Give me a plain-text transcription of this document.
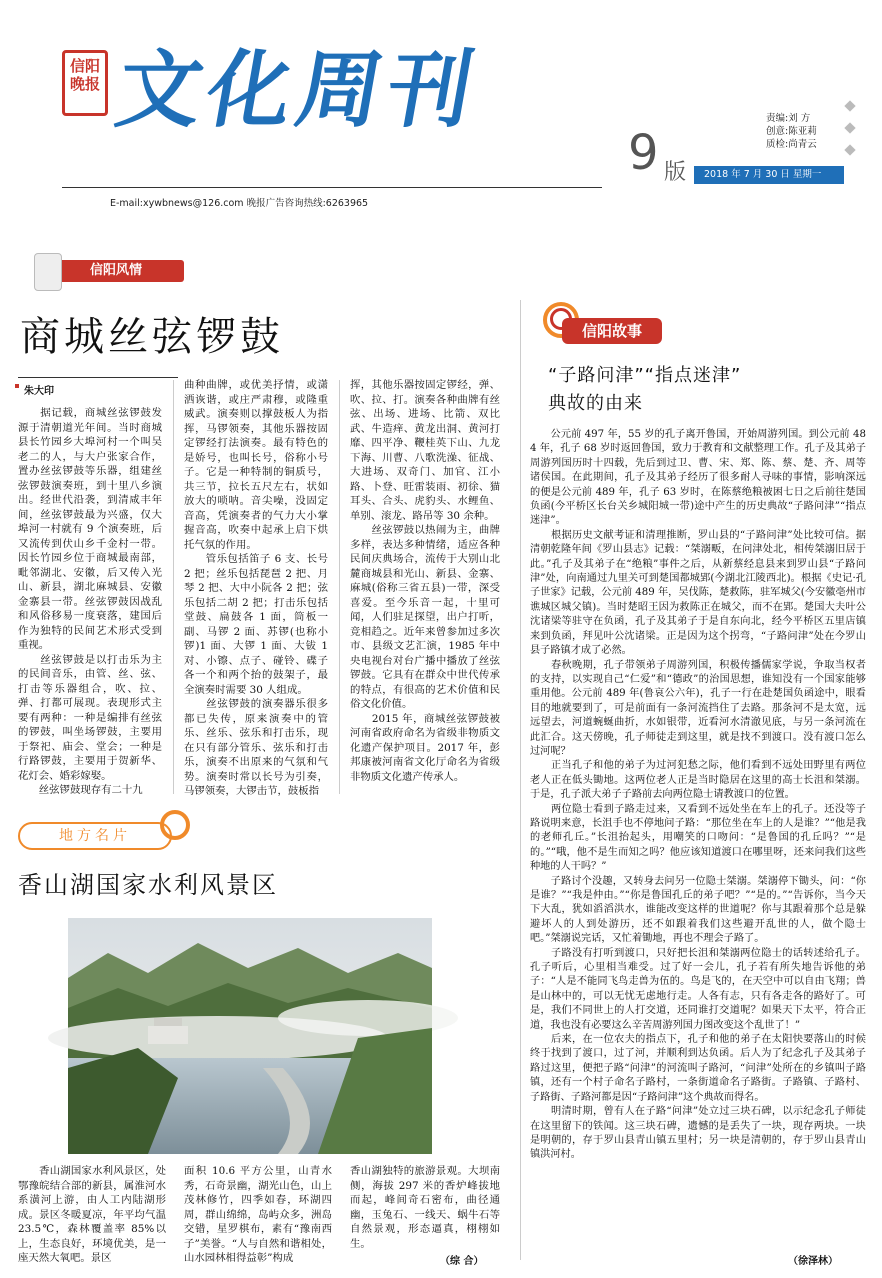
信阳晚报 文化周刊
9 版
责编:刘 方
创意:陈亚莉
质检:尚青云
2018 年 7 月 30 日 星期一
E-mail:xywbnews@126.com 晚报广告咨询热线:6263965
信阳风情
商城丝弦锣鼓
朱大印
　　据记载，商城丝弦锣鼓发源于清朝道光年间。当时商城县长竹园乡大埠河村一个叫吴老二的人，与大户张家合作，置办丝弦锣鼓等乐器，组建丝弦锣鼓演奏班，到十里八乡演出。经世代沿袭，到清咸丰年间，丝弦锣鼓最为兴盛，仅大埠河一村就有 9 个演奏班，后又流传到伏山乡千金村一带。因长竹园乡位于商城最南部，毗邻湖北、安徽，后又传入光山、新县，湖北麻城县、安徽金寨县一带。丝弦锣鼓因战乱和风俗移易一度衰落，建国后作为独特的民间艺术形式受到重视。
　　丝弦锣鼓是以打击乐为主的民间音乐，由管、丝、弦、打击等乐器组合，吹、拉、弹、打都可展现。表现形式主要有两种：一种是编排有丝弦的锣鼓，叫坐场锣鼓，主要用于祭祀、庙会、堂会；一种是行路锣鼓，主要用于贺新华、花灯会、婚彩嫁娶。
　　丝弦锣鼓现存有二十九
曲种曲牌，或优美抒情，或潇洒诙谐，或庄严肃穆，或隆重威武。演奏则以撑鼓板人为指挥，马锣领奏，其他乐器按固定锣经打法演奏。最有特色的是娇号，也叫长号，俗称小号子。它是一种特制的铜质号，共三节，拉长五尺左右，状如放大的唢呐。音尖噪，没固定音高，凭演奏者的气力大小掌握音高，吹奏中起承上启下烘托气氛的作用。
　　管乐包括笛子 6 支、长号 2 把；丝乐包括琵琶 2 把、月琴 2 把、大中小阮各 2 把；弦乐包括二胡 2 把；打击乐包括堂鼓、扁鼓各 1 面，筒板一副、马锣 2 面、苏锣(也称小锣)1 面、大锣 1 面、大钹 1 对、小镲、点子、碰铃、碟子各一个和两个抬的鼓架子，最全演奏时需要 30 人组成。
　　丝弦锣鼓的演奏器乐很多都已失传，原来演奏中的管乐、丝乐、弦乐和打击乐，现在只有部分管乐、弦乐和打击乐，演奏不出原来的气氛和气势。演奏时常以长号为引奏，马锣领奏，大锣击节，鼓板指
挥，其他乐器按固定锣经，弹、吹、拉、打。演奏各种曲牌有丝弦、出场、进场、比箭、双比武、牛造痒、黄龙出洞、黄河打靡、四平净、鞭桂英下山、九龙下海、川曹、八歌洗澡、征战、大进场、双奇门、加官、江小路、卜登、旺雷装雨、初徐、猫耳头、合头、虎豹头、水鲤鱼、单别、滚龙、路吊等 30 余种。
　　丝弦锣鼓以热闹为主，曲牌多样，表达多种情绪，适应各种民间庆典场合，流传于大别山北麓商城县和光山、新县、金寨、麻城(俗称三省五县)一带，深受喜爱。至今乐音一起，十里可闻，人们驻足探望，出户打听，竞相趋之。近年来曾参加过多次市、县级文艺汇演，1985 年中央电视台对台广播中播放了丝弦锣鼓。它具有在群众中世代传承的特点，有很高的艺术价值和民俗文化价值。
　　2015 年，商城丝弦锣鼓被河南省政府命名为省级非物质文化遗产保护项目。2017 年，彭邦康被河南省文化厅命名为省级非物质文化遗产传承人。
地方名片
香山湖国家水利风景区
　　香山湖国家水利风景区，处鄂豫皖结合部的新县，属淮河水系潢河上游，由人工内陆湖形成。景区冬暖夏凉，年平均气温 23.5℃，森林覆盖率 85%以上，生态良好，环境优美，是一座天然大氧吧。景区
面积 10.6 平方公里，山青水秀，石奇景幽，湖光山色，山上茂林修竹，四季如春，环湖四周，群山绵绵，岛屿众多，洲岛交错，星罗棋布，素有“豫南西子”美誉。“人与自然和谐相处，山水园林相得益彰”构成
香山湖独特的旅游景观。大坝南侧，海拔 297 米的香炉峰拔地而起，峰间奇石密布，曲径通幽，玉兔石、一线天、蜗牛石等自然景观，形态逼真，栩栩如生。
（综 合）
信阳故事
“子路问津”“指点迷津”
典故的由来
　　公元前 497 年，55 岁的孔子离开鲁国，开始周游列国。到公元前 484 年，孔子 68 岁时返回鲁国，致力于教育和文献整理工作。孔子及其弟子周游列国历时十四载，先后到过卫、曹、宋、郑、陈、蔡、楚、齐、周等诸侯国。在此期间，孔子及其弟子经历了很多耐人寻味的事情，影响深远的便是公元前 489 年，孔子 63 岁时，在陈蔡绝粮被困七日之后前往楚国负函(今平桥区长台关乡城阳城一带)途中产生的历史典故“子路问津”“指点迷津”。
　　根据历史文献考证和清理推断，罗山县的“子路问津”处比较可信。据清朝乾隆年间《罗山县志》记载：“桀溺畈，在问津处北，相传桀溺旧居于此。”孔子及其弟子在“绝粮”事件之后，从新蔡经息县来到罗山县“子路问津”处，向南通过九里关可到楚国都城郢(今湖北江陵西北)。根据《史记·孔子世家》记载，公元前 489 年，吴伐陈，楚救陈，驻军城父(今安徽亳州市谯城区城父镇)。当时楚昭王因为救陈正在城父，而不在郢。楚国大夫叶公沈诸梁等驻守在负函，孔子及其弟子于是自东向北，经今平桥区五里店镇来到负函，拜见叶公沈诸梁。正是因为这个拐弯，“子路问津”处在今罗山县子路镇才成了必然。
　　春秋晚期，孔子带领弟子周游列国，积极传播儒家学说，争取当权者的支持，以实现自己“仁爱”和“德政”的治国思想，谁知没有一个国家能够重用他。公元前 489 年(鲁哀公六年)，孔子一行在赴楚国负函途中，眼看目的地就要到了，可是前面有一条河流挡住了去路。那条河不是太宽，远远望去，河道蜿蜒曲折，水如银带，近看河水清澈见底，与另一条河流在此汇合。这天傍晚，孔子师徒走到这里，就是找不到渡口。没有渡口怎么过河呢？
　　正当孔子和他的弟子为过河犯愁之际，他们看到不远处田野里有两位老人正在低头锄地。这两位老人正是当时隐居在这里的高士长沮和桀溺。于是，孔子派大弟子子路前去向两位隐士请教渡口的位置。
　　两位隐士看到子路走过来，又看到不远处坐在车上的孔子。还没等子路说明来意，长沮手也不停地问子路：“那位坐在车上的人是谁？”“他是我的老师孔丘。”长沮抬起头，用嘲笑的口吻问：“是鲁国的孔丘吗？”“是的。”“哦，他不是生而知之吗？他应该知道渡口在哪里呀，还来问我们这些种地的人干吗？”
　　子路讨个没趣，又转身去问另一位隐士桀溺。桀溺停下锄头，问：“你是谁？”“我是仲由。”“你是鲁国孔丘的弟子吧？”“是的。”“告诉你，当今天下大乱，犹如滔滔洪水，谁能改变这样的世道呢？你与其跟着那个总是躲避坏人的人到处游历，还不如跟着我们这些避开乱世的人，做个隐士吧。”桀溺说完话，又忙着锄地，再也不理会子路了。
　　子路没有打听到渡口，只好把长沮和桀溺两位隐士的话转述给孔子。孔子听后，心里相当难受。过了好一会儿，孔子若有所失地告诉他的弟子：“人是不能同飞鸟走兽为伍的。鸟是飞的，在天空中可以自由飞翔；兽是山林中的，可以无忧无虑地行走。人各有志，只有各走各的路好了。可是，我们不同世上的人打交道，还同谁打交道呢？如果天下太平，符合正道，我也没有必要这么辛苦周游列国力图改变这个乱世了！”
　　后来，在一位农夫的指点下，孔子和他的弟子在太阳快要落山的时候终于找到了渡口，过了河，并顺利到达负函。后人为了纪念孔子及其弟子路过这里，便把子路“问津”的河流叫子路河，“问津”处所在的乡镇叫子路镇，还有一个村子命名子路村，一条街道命名子路街。子路镇、子路村、子路街、子路河都是因“子路问津”这个典故而得名。
　　明清时期，曾有人在子路“问津”处立过三块石碑，以示纪念孔子师徒在这里留下的铁闻。这三块石碑，遗憾的是丢失了一块，现存两块。一块是明朝的，存于罗山县青山镇五里村；另一块是清朝的，存于罗山县青山镇洪河村。
（徐泽林）
